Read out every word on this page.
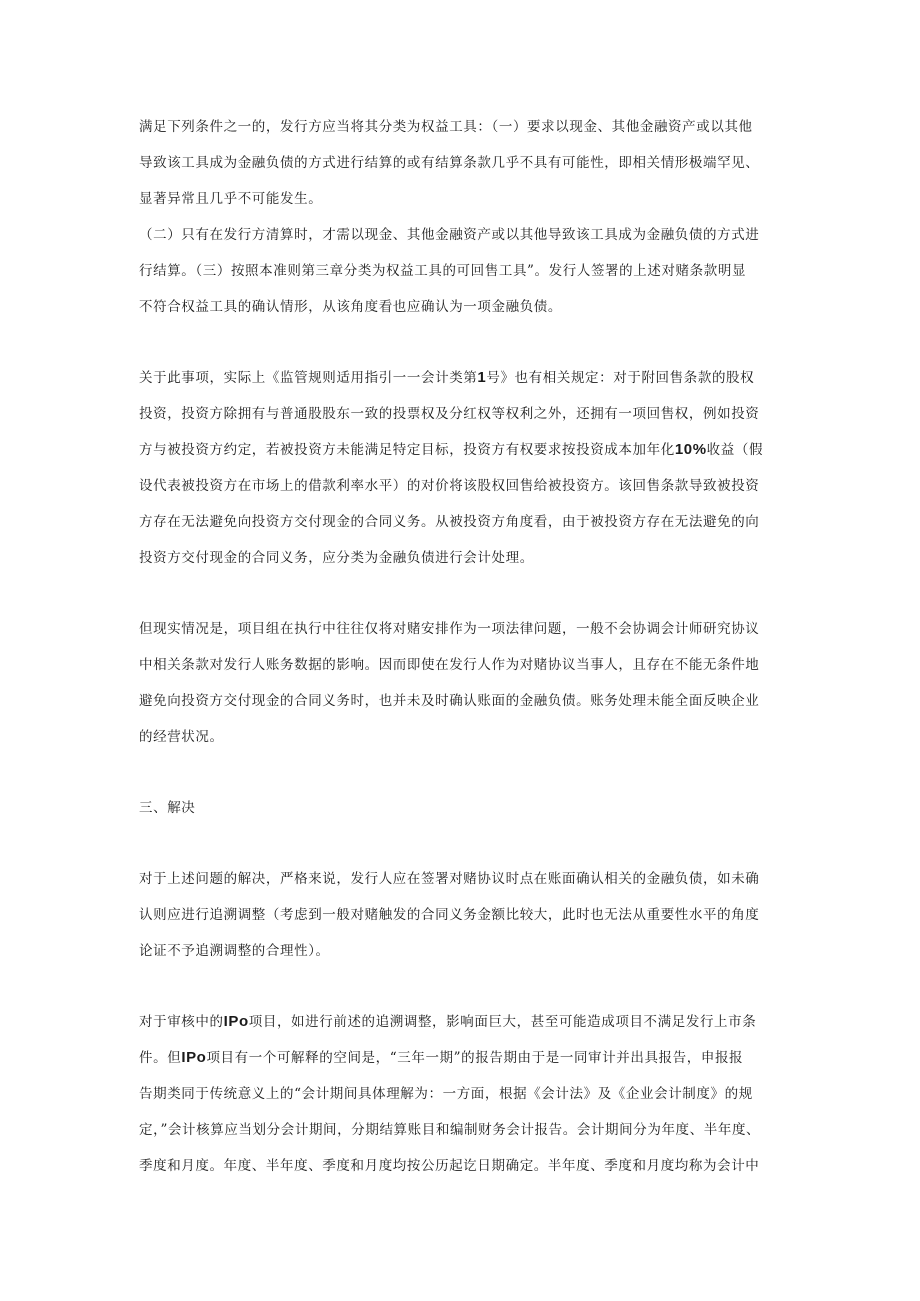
满足下列条件之一的，发行方应当将其分类为权益工具：（一）要求以现金、其他金融资产或以其他
导致该工具成为金融负债的方式进行结算的或有结算条款几乎不具有可能性，即相关情形极端罕见、
显著异常且几乎不可能发生。
（二）只有在发行方清算时，才需以现金、其他金融资产或以其他导致该工具成为金融负债的方式进
行结算。（三）按照本准则第三章分类为权益工具的可回售工具”。发行人签署的上述对赌条款明显
不符合权益工具的确认情形，从该角度看也应确认为一项金融负债。
关于此事项，实际上《监管规则适用指引一一会计类第1号》也有相关规定：对于附回售条款的股权
投资，投资方除拥有与普通股股东一致的投票权及分红权等权利之外，还拥有一项回售权，例如投资
方与被投资方约定，若被投资方未能满足特定目标，投资方有权要求按投资成本加年化10%收益（假
设代表被投资方在市场上的借款利率水平）的对价将该股权回售给被投资方。该回售条款导致被投资
方存在无法避免向投资方交付现金的合同义务。从被投资方角度看，由于被投资方存在无法避免的向
投资方交付现金的合同义务，应分类为金融负债进行会计处理。
但现实情况是，项目组在执行中往往仅将对赌安排作为一项法律问题，一般不会协调会计师研究协议
中相关条款对发行人账务数据的影响。因而即使在发行人作为对赌协议当事人，且存在不能无条件地
避免向投资方交付现金的合同义务时，也并未及时确认账面的金融负债。账务处理未能全面反映企业
的经营状况。
三、解决
对于上述问题的解决，严格来说，发行人应在签署对赌协议时点在账面确认相关的金融负债，如未确
认则应进行追溯调整（考虑到一般对赌触发的合同义务金额比较大，此时也无法从重要性水平的角度
论证不予追溯调整的合理性）。
对于审核中的IPo项目，如进行前述的追溯调整，影响面巨大，甚至可能造成项目不满足发行上市条
件。但IPo项目有一个可解释的空间是，“三年一期”的报告期由于是一同审计并出具报告，申报报
告期类同于传统意义上的“会计期间具体理解为：一方面，根据《会计法》及《企业会计制度》的规
定，”会计核算应当划分会计期间，分期结算账目和编制财务会计报告。会计期间分为年度、半年度、
季度和月度。年度、半年度、季度和月度均按公历起讫日期确定。半年度、季度和月度均称为会计中
